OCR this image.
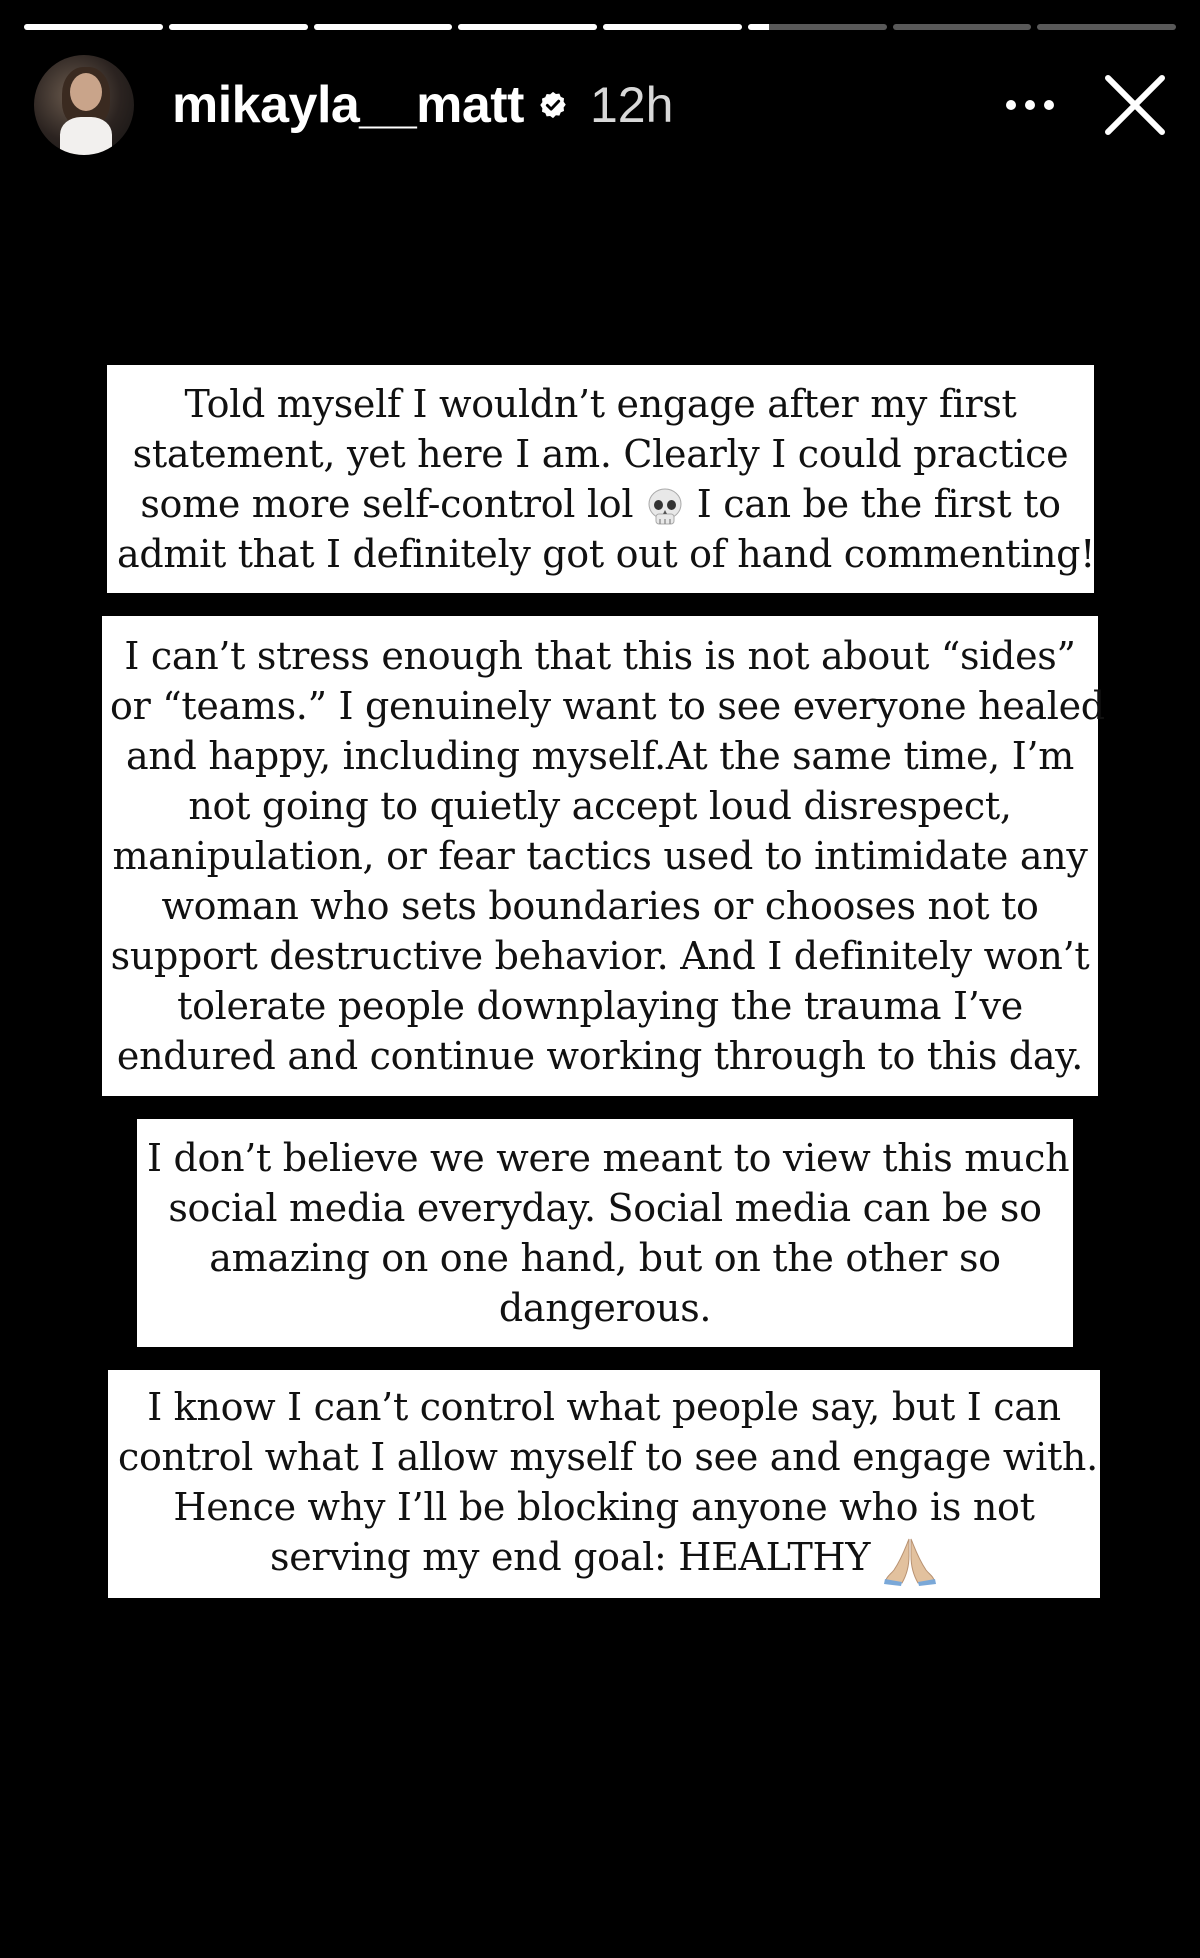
mikayla__matt 12h

Told myself I wouldn’t engage after my first

statement, yet here I am. Clearly I could practice

some more self-control lol I can be the first to

admit that I definitely got out of hand commenting!

I can’t stress enough that this is not about “sides”

or “teams.” I genuinely want to see everyone healed

and happy, including myself.At the same time, I’m

not going to quietly accept loud disrespect,

manipulation, or fear tactics used to intimidate any

woman who sets boundaries or chooses not to

support destructive behavior. And I definitely won’t

tolerate people downplaying the trauma I’ve

endured and continue working through to this day.

I don’t believe we were meant to view this much

social media everyday. Social media can be so

amazing on one hand, but on the other so

dangerous.

I know I can’t control what people say, but I can

control what I allow myself to see and engage with.

Hence why I’ll be blocking anyone who is not

serving my end goal: HEALTHY
